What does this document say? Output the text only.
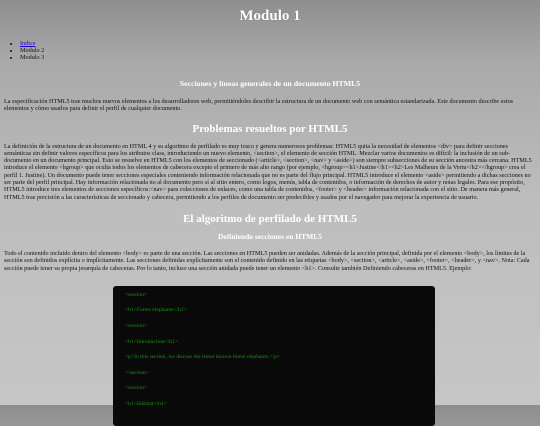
Modulo 1
• Indice
• Modulo 2
• Modulo 3
Secciones y líneas generales de un documento HTML5

La especificación HTML5 trae muchos nuevos elementos a los desarrolladores web, permitiéndoles describir la estructura de un documento web con semántica estandarizada. Este documento describe estos elementos y cómo usarlos para definir el perfil de cualquier documento.

Problemas resueltos por HTML5

La definición de la estructura de un documento en HTML 4 y su algoritmo de perfilado es muy tosco y genera numerosos problemas: HTML5 quita la necesidad de elementos <div> para definir secciones semánticas sin definir valores específicos para los atributos class, introduciendo un nuevo elemento, <section>, el elemento de sección HTML. Mezclar varios documentos es difícil: la inclusión de un sub-documento en un documento principal. Esto se resuelve en HTML5 con los elementos de seccionado (<article>, <section>, <nav> y <aside>) son siempre subsecciones de su sección ancestra más cercana. HTML5 introduce el elemento <hgroup> que oculta todos los elementos de cabecera excepto el primero de más alto rango (por ejemplo, <hgroup><h1>Justine</h1><h2>Les Malheurs de la Vertu</h2></hgroup> crea el perfil 1. Justine). Un documento puede tener secciones especiales conteniendo información relacionada que no es parte del flujo principal. HTML5 introduce el elemento <aside> permitiendo a dichas secciones no ser parte del perfil principal. Hay información relacionada no al documento pero sí al sitio entero, como logos, menús, tabla de contenidos, o información de derechos de autor y notas legales. Para ese propósito, HTML5 introduce tres elementos de secciones específicos:<nav> para colecciones de enlaces, como una tabla de contenidos, <footer> y <header> información relacionada con el sitio. De manera más general, HTML5 trae precisión a las características de seccionado y cabecera, permitiendo a los perfiles de documento ser predecibles y usados por el navegador para mejorar la experiencia de usuario.

El algoritmo de perfilado de HTML5
Definiendo secciones en HTML5

Todo el contenido incluido dentro del elemento <body> es parte de una sección. Las secciones en HTML5 pueden ser anidadas. Además de la sección principal, definida por el elemento <body>, los límites de la sección son definidos explícita o implícitamente. Las secciones definidas explícitamente son el contenido definido en las etiquetas <body>, <section>, <article>, <aside>, <footer>, <header>, y <nav>. Nota: Cada sección puede tener su propia jerarquía de cabeceras. Por lo tanto, incluso una sección anidada puede tener un elemento <h1>. Consulte también Definiendo cabeceras en HTML5. Ejemplo:

<section>
<h1>Forest elephants</h1>
<section>
<h1>Introduction</h1>
<p>In this section, we discuss the lesser known forest elephants.</p>
</section>
<section>
<h1>Habitat</h1>
